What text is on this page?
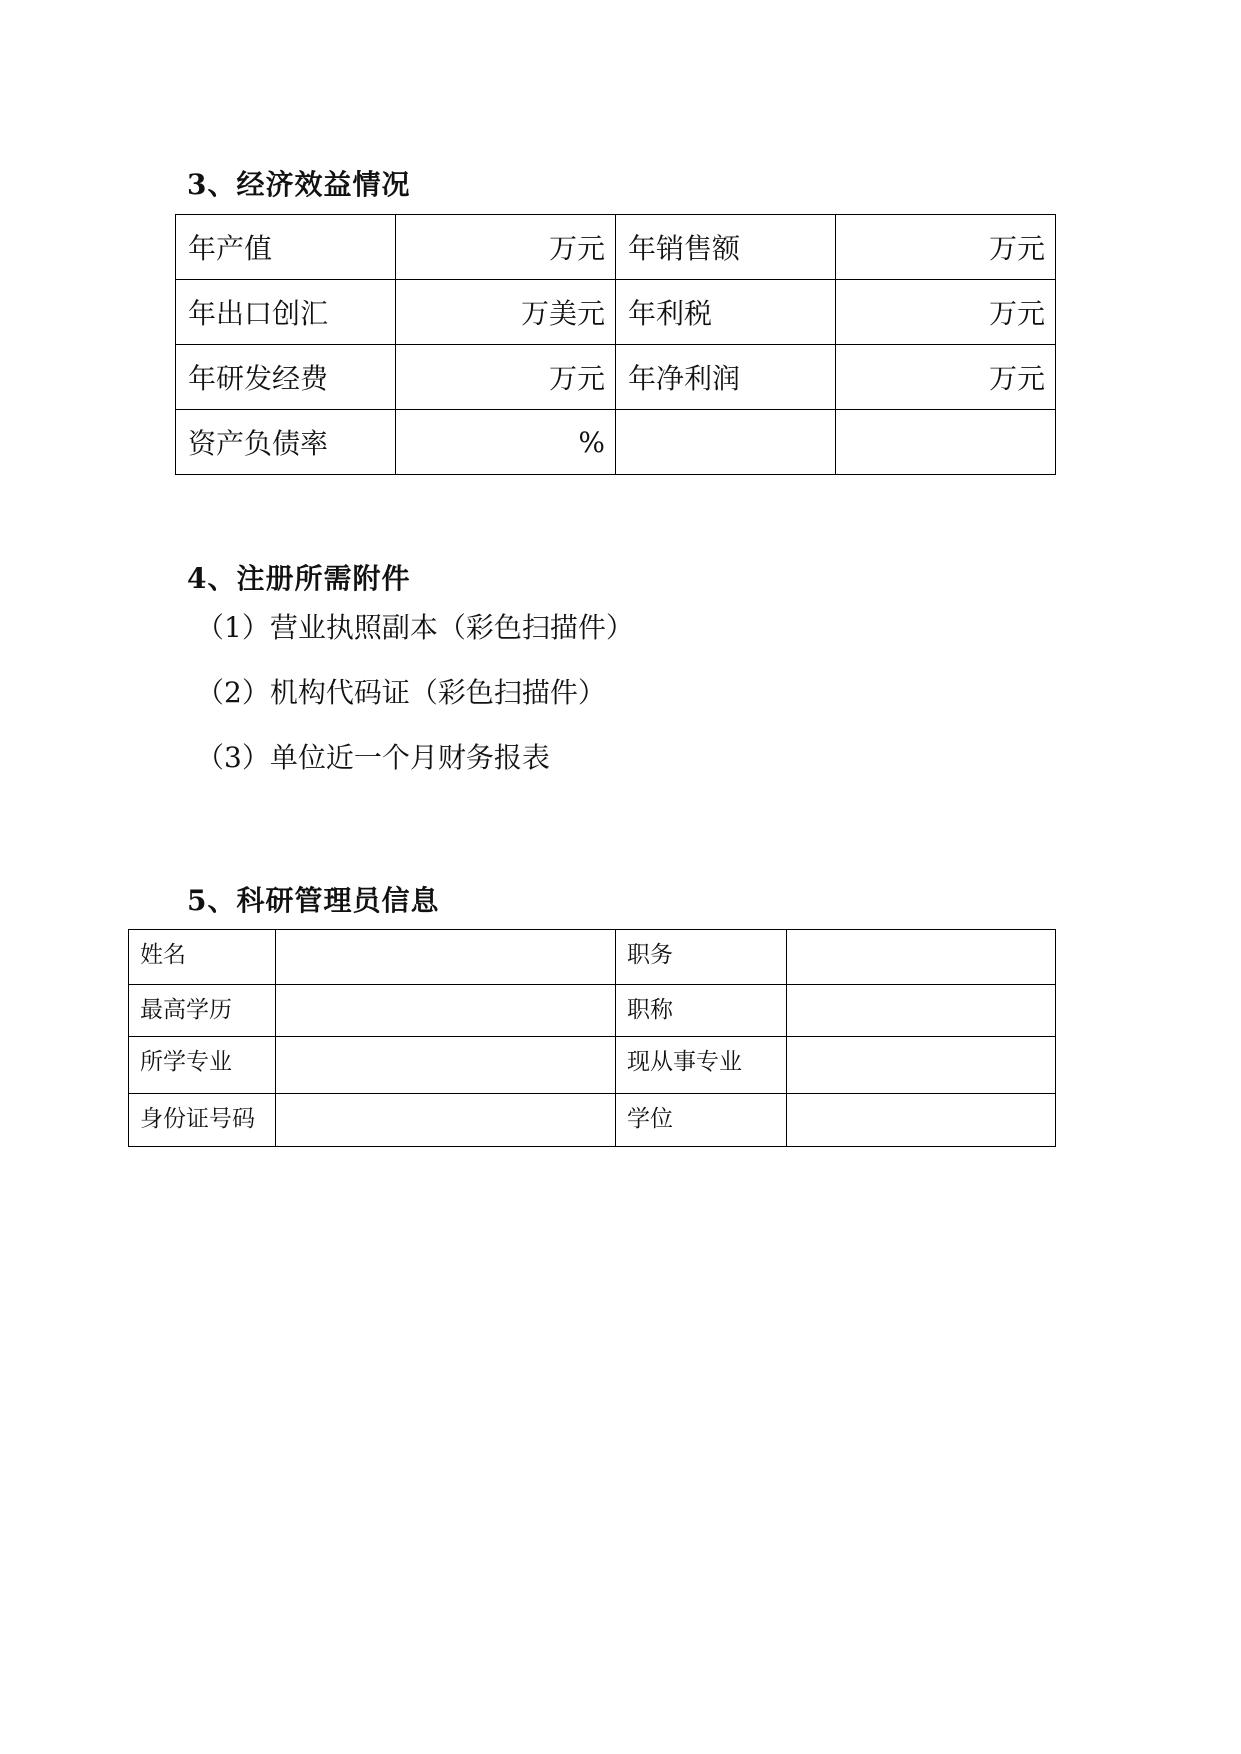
3、经济效益情况
年产值	万元	年销售额	万元
年出口创汇	万美元	年利税	万元
年研发经费	万元	年净利润	万元
资产负债率	%		
4、注册所需附件
（1）营业执照副本（彩色扫描件）
（2）机构代码证（彩色扫描件）
（3）单位近一个月财务报表
5、科研管理员信息
姓名		职务	
最高学历		职称	
所学专业		现从事专业	
身份证号码		学位	
